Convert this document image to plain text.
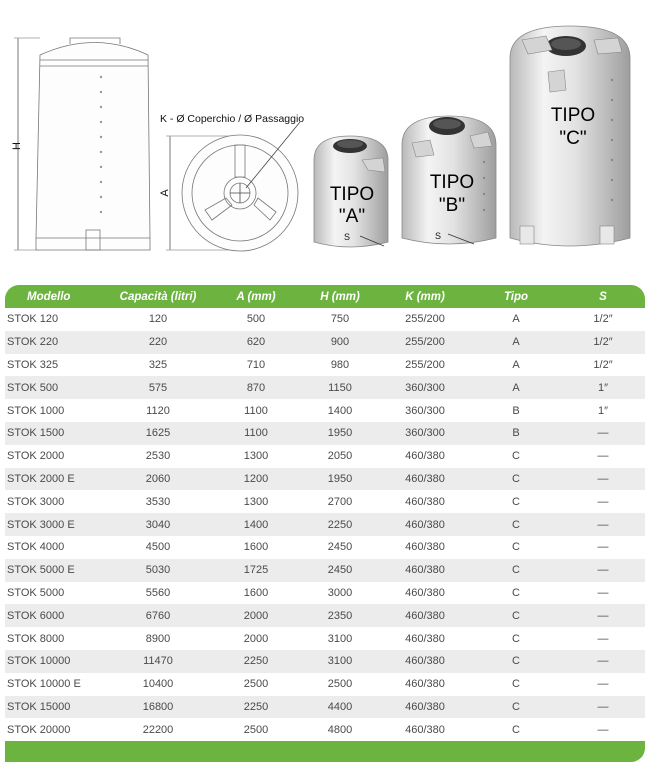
H
A
K - Ø Coperchio / Ø Passaggio
TIPO
"A"
S
TIPO
"B"
S
TIPO
"C"
Modello	Capacità (litri)	A (mm)	H (mm)	K (mm)	Tipo	S
STOK 120	120	500	750	255/200	A	1/2″
STOK 220	220	620	900	255/200	A	1/2″
STOK 325	325	710	980	255/200	A	1/2″
STOK 500	575	870	1150	360/300	A	1″
STOK 1000	1120	1100	1400	360/300	B	1″
STOK 1500	1625	1100	1950	360/300	B	—
STOK 2000	2530	1300	2050	460/380	C	—
STOK 2000 E	2060	1200	1950	460/380	C	—
STOK 3000	3530	1300	2700	460/380	C	—
STOK 3000 E	3040	1400	2250	460/380	C	—
STOK 4000	4500	1600	2450	460/380	C	—
STOK 5000 E	5030	1725	2450	460/380	C	—
STOK 5000	5560	1600	3000	460/380	C	—
STOK 6000	6760	2000	2350	460/380	C	—
STOK 8000	8900	2000	3100	460/380	C	—
STOK 10000	11470	2250	3100	460/380	C	—
STOK 10000 E	10400	2500	2500	460/380	C	—
STOK 15000	16800	2250	4400	460/380	C	—
STOK 20000	22200	2500	4800	460/380	C	—
